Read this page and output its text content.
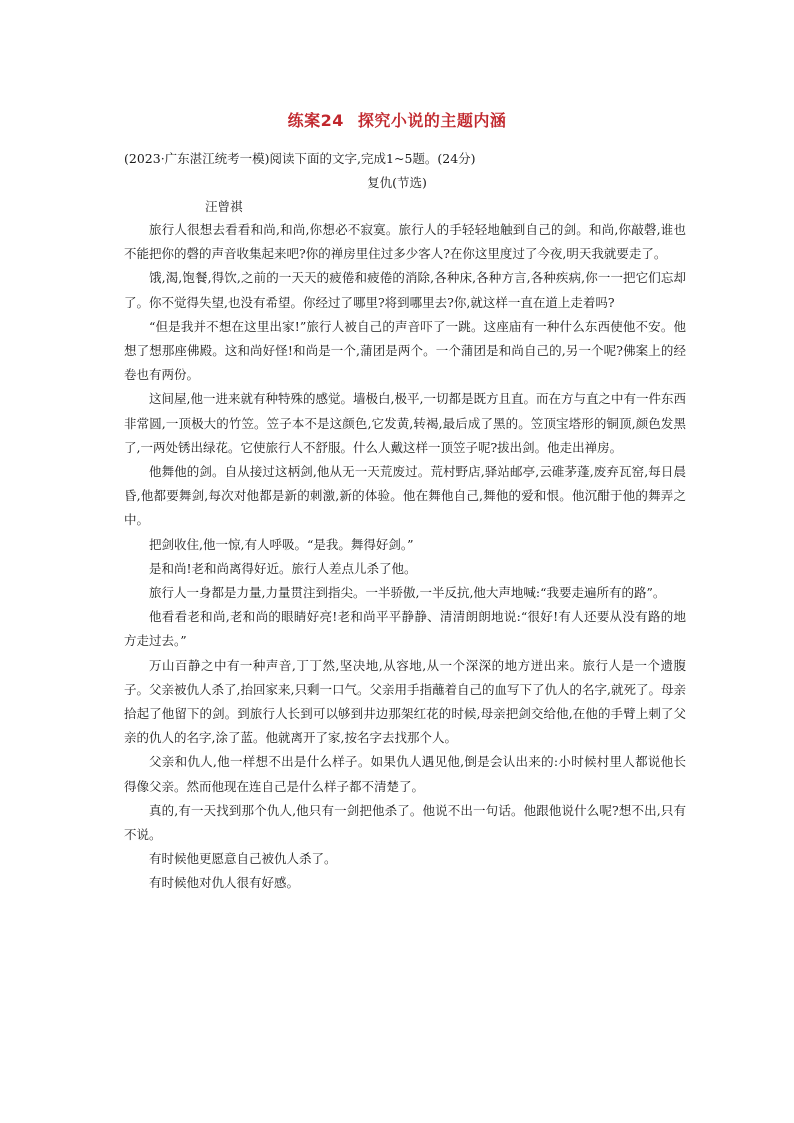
练案24 探究小说的主题内涵
(2023·广东湛江统考一模)阅读下面的文字,完成1~5题。(24分)
复仇(节选)
汪曾祺

旅行人很想去看看和尚,和尚,你想必不寂寞。旅行人的手轻轻地触到自己的剑。和尚,你敲磬,谁也不能把你的磬的声音收集起来吧?你的禅房里住过多少客人?在你这里度过了今夜,明天我就要走了。

饿,渴,饱餐,得饮,之前的一天天的疲倦和疲倦的消除,各种床,各种方言,各种疾病,你一一把它们忘却了。你不觉得失望,也没有希望。你经过了哪里?将到哪里去?你,就这样一直在道上走着吗?

“但是我并不想在这里出家!”旅行人被自己的声音吓了一跳。这座庙有一种什么东西使他不安。他想了想那座佛殿。这和尚好怪!和尚是一个,蒲团是两个。一个蒲团是和尚自己的,另一个呢?佛案上的经卷也有两份。

这间屋,他一进来就有种特殊的感觉。墙极白,极平,一切都是既方且直。而在方与直之中有一件东西非常圆,一顶极大的竹笠。笠子本不是这颜色,它发黄,转褐,最后成了黑的。笠顶宝塔形的铜顶,颜色发黑了,一两处锈出绿花。它使旅行人不舒服。什么人戴这样一顶笠子呢?拔出剑。他走出禅房。

他舞他的剑。自从接过这柄剑,他从无一天荒废过。荒村野店,驿站邮亭,云碓茅蓬,废弃瓦窑,每日晨昏,他都要舞剑,每次对他都是新的刺激,新的体验。他在舞他自己,舞他的爱和恨。他沉酣于他的舞弄之中。

把剑收住,他一惊,有人呼吸。“是我。舞得好剑。”

是和尚!老和尚离得好近。旅行人差点儿杀了他。

旅行人一身都是力量,力量贯注到指尖。一半骄傲,一半反抗,他大声地喊:“我要走遍所有的路”。

他看看老和尚,老和尚的眼睛好亮!老和尚平平静静、清清朗朗地说:“很好!有人还要从没有路的地方走过去。”

万山百静之中有一种声音,丁丁然,坚决地,从容地,从一个深深的地方迸出来。旅行人是一个遗腹子。父亲被仇人杀了,抬回家来,只剩一口气。父亲用手指蘸着自己的血写下了仇人的名字,就死了。母亲拾起了他留下的剑。到旅行人长到可以够到井边那架红花的时候,母亲把剑交给他,在他的手臂上刺了父亲的仇人的名字,涂了蓝。他就离开了家,按名字去找那个人。

父亲和仇人,他一样想不出是什么样子。如果仇人遇见他,倒是会认出来的:小时候村里人都说他长得像父亲。然而他现在连自己是什么样子都不清楚了。

真的,有一天找到那个仇人,他只有一剑把他杀了。他说不出一句话。他跟他说什么呢?想不出,只有不说。

有时候他更愿意自己被仇人杀了。

有时候他对仇人很有好感。
